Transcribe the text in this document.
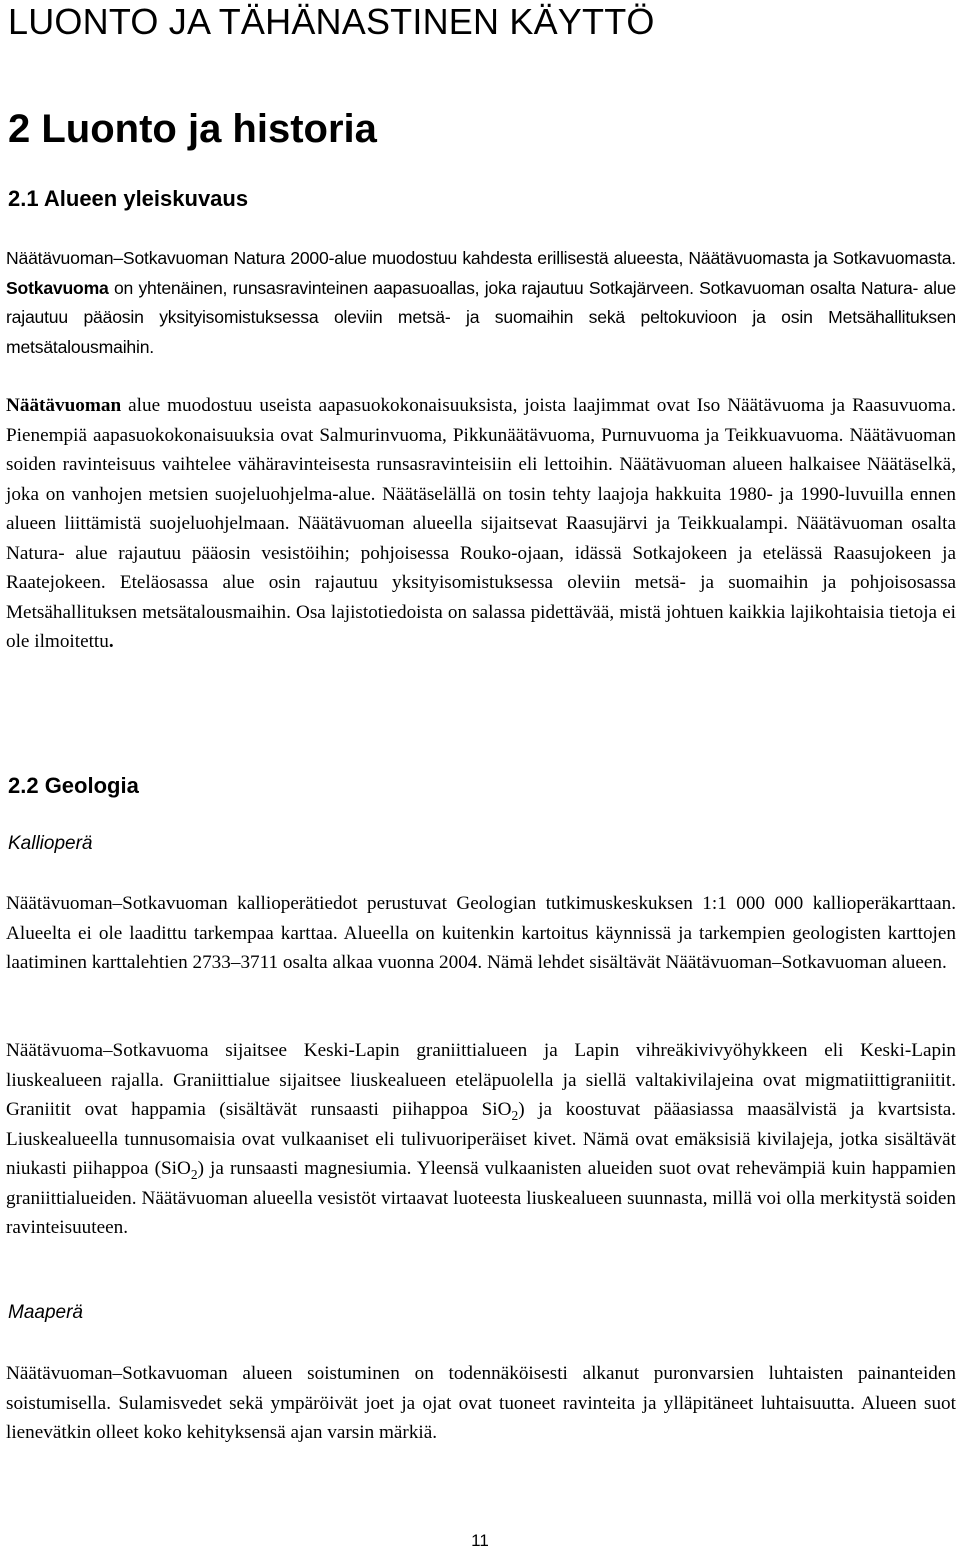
LUONTO JA TÄHÄNASTINEN KÄYTTÖ
2 Luonto ja historia
2.1 Alueen yleiskuvaus

Näätävuoman–Sotkavuoman Natura 2000-alue muodostuu kahdesta erillisestä alueesta, Näätävuomasta ja Sotkavuomasta. Sotkavuoma on yhtenäinen, runsasravinteinen aapasuoallas, joka rajautuu Sotkajärveen. Sotkavuoman osalta Natura- alue rajautuu pääosin yksityisomistuksessa oleviin metsä- ja suomaihin sekä peltokuvioon ja osin Metsähallituksen metsätalousmaihin.

Näätävuoman alue muodostuu useista aapasuokokonaisuuksista, joista laajimmat ovat Iso Näätävuoma ja Raasuvuoma. Pienempiä aapasuokokonaisuuksia ovat Salmurinvuoma, Pikkunäätävuoma, Purnuvuoma ja Teikkuavuoma. Näätävuoman soiden ravinteisuus vaihtelee vähäravinteisesta runsasravinteisiin eli lettoihin. Näätävuoman alueen halkaisee Näätäselkä, joka on vanhojen metsien suojeluohjelma-alue. Näätäselällä on tosin tehty laajoja hakkuita 1980- ja 1990-luvuilla ennen alueen liittämistä suojeluohjelmaan. Näätävuoman alueella sijaitsevat Raasujärvi ja Teikkualampi. Näätävuoman osalta Natura- alue rajautuu pääosin vesistöihin; pohjoisessa Rouko-ojaan, idässä Sotkajokeen ja etelässä Raasujokeen ja Raatejokeen. Eteläosassa alue osin rajautuu yksityisomistuksessa oleviin metsä- ja suomaihin ja pohjoisosassa Metsähallituksen metsätalousmaihin. Osa lajistotiedoista on salassa pidettävää, mistä johtuen kaikkia lajikohtaisia tietoja ei ole ilmoitettu.

2.2 Geologia
Kallioperä

Näätävuoman–Sotkavuoman kallioperätiedot perustuvat Geologian tutkimuskeskuksen 1:1 000 000 kallioperäkarttaan. Alueelta ei ole laadittu tarkempaa karttaa. Alueella on kuitenkin kartoitus käynnissä ja tarkempien geologisten karttojen laatiminen karttalehtien 2733–3711 osalta alkaa vuonna 2004. Nämä lehdet sisältävät Näätävuoman–Sotkavuoman alueen.

Näätävuoma–Sotkavuoma sijaitsee Keski-Lapin graniittialueen ja Lapin vihreäkivivyöhykkeen eli Keski-Lapin liuskealueen rajalla. Graniittialue sijaitsee liuskealueen eteläpuolella ja siellä valtakivilajeina ovat migmatiittigraniitit. Graniitit ovat happamia (sisältävät runsaasti piihappoa SiO$_2$) ja koostuvat pääasiassa maasälvistä ja kvartsista. Liuskealueella tunnusomaisia ovat vulkaaniset eli tulivuoriperäiset kivet. Nämä ovat emäksisiä kivilajeja, jotka sisältävät niukasti piihappoa (SiO$_2$) ja runsaasti magnesiumia. Yleensä vulkaanisten alueiden suot ovat rehevämpiä kuin happamien graniittialueiden. Näätävuoman alueella vesistöt virtaavat luoteesta liuskealueen suunnasta, millä voi olla merkitystä soiden ravinteisuuteen.

Maaperä

Näätävuoman–Sotkavuoman alueen soistuminen on todennäköisesti alkanut puronvarsien luhtaisten painanteiden soistumisella. Sulamisvedet sekä ympäröivät joet ja ojat ovat tuoneet ravinteita ja ylläpitäneet luhtaisuutta. Alueen suot lienevätkin olleet koko kehityksensä ajan varsin märkiä.

11
